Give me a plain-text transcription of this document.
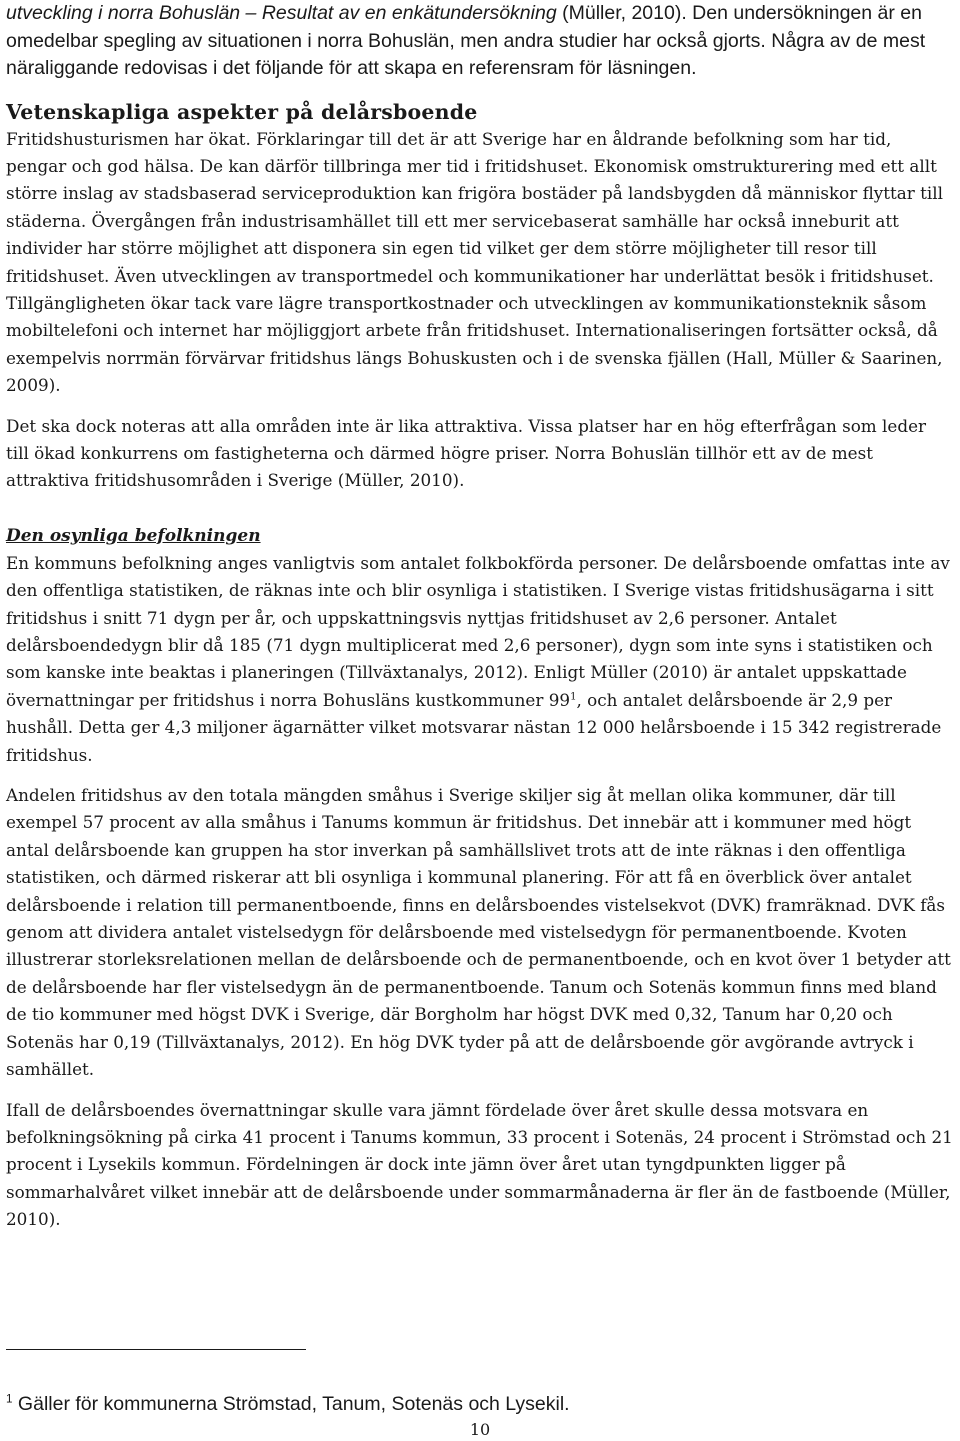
utveckling i norra Bohuslän – Resultat av en enkätundersökning (Müller, 2010). Den undersökningen är en omedelbar spegling av situationen i norra Bohuslän, men andra studier har också gjorts. Några av de mest näraliggande redovisas i det följande för att skapa en referensram för läsningen.

Vetenskapliga aspekter på delårsboende

Fritidshusturismen har ökat. Förklaringar till det är att Sverige har en åldrande befolkning som har tid, pengar och god hälsa. De kan därför tillbringa mer tid i fritidshuset. Ekonomisk omstrukturering med ett allt större inslag av stadsbaserad serviceproduktion kan frigöra bostäder på landsbygden då människor flyttar till städerna. Övergången från industrisamhället till ett mer servicebaserat samhälle har också inneburit att individer har större möjlighet att disponera sin egen tid vilket ger dem större möjligheter till resor till fritidshuset. Även utvecklingen av transportmedel och kommunikationer har underlättat besök i fritidshuset. Tillgängligheten ökar tack vare lägre transportkostnader och utvecklingen av kommunikationsteknik såsom mobiltelefoni och internet har möjliggjort arbete från fritidshuset. Internationaliseringen fortsätter också, då exempelvis norrmän förvärvar fritidshus längs Bohuskusten och i de svenska fjällen (Hall, Müller & Saarinen, 2009).

Det ska dock noteras att alla områden inte är lika attraktiva. Vissa platser har en hög efterfrågan som leder till ökad konkurrens om fastigheterna och därmed högre priser. Norra Bohuslän tillhör ett av de mest attraktiva fritidshusområden i Sverige (Müller, 2010).

Den osynliga befolkningen

En kommuns befolkning anges vanligtvis som antalet folkbokförda personer. De delårsboende omfattas inte av den offentliga statistiken, de räknas inte och blir osynliga i statistiken. I Sverige vistas fritidshusägarna i sitt fritidshus i snitt 71 dygn per år, och uppskattningsvis nyttjas fritidshuset av 2,6 personer. Antalet delårsboendedygn blir då 185 (71 dygn multiplicerat med 2,6 personer), dygn som inte syns i statistiken och som kanske inte beaktas i planeringen (Tillväxtanalys, 2012). Enligt Müller (2010) är antalet uppskattade övernattningar per fritidshus i norra Bohusläns kustkommuner $99^1$, och antalet delårsboende är 2,9 per hushåll. Detta ger 4,3 miljoner ägarnätter vilket motsvarar nästan 12 000 helårsboende i 15 342 registrerade fritidshus.

Andelen fritidshus av den totala mängden småhus i Sverige skiljer sig åt mellan olika kommuner, där till exempel 57 procent av alla småhus i Tanums kommun är fritidshus. Det innebär att i kommuner med högt antal delårsboende kan gruppen ha stor inverkan på samhällslivet trots att de inte räknas i den offentliga statistiken, och därmed riskerar att bli osynliga i kommunal planering. För att få en överblick över antalet delårsboende i relation till permanentboende, finns en delårsboendes vistelsekvot (DVK) framräknad. DVK fås genom att dividera antalet vistelsedygn för delårsboende med vistelsedygn för permanentboende. Kvoten illustrerar storleksrelationen mellan de delårsboende och de permanentboende, och en kvot över 1 betyder att de delårsboende har fler vistelsedygn än de permanentboende. Tanum och Sotenäs kommun finns med bland de tio kommuner med högst DVK i Sverige, där Borgholm har högst DVK med 0,32, Tanum har 0,20 och Sotenäs har 0,19 (Tillväxtanalys, 2012). En hög DVK tyder på att de delårsboende gör avgörande avtryck i samhället.

Ifall de delårsboendes övernattningar skulle vara jämnt fördelade över året skulle dessa motsvara en befolkningsökning på cirka 41 procent i Tanums kommun, 33 procent i Sotenäs, 24 procent i Strömstad och 21 procent i Lysekils kommun. Fördelningen är dock inte jämn över året utan tyngdpunkten ligger på sommarhalvåret vilket innebär att de delårsboende under sommarmånaderna är fler än de fastboende (Müller, 2010).

$^1$ Gäller för kommunerna Strömstad, Tanum, Sotenäs och Lysekil.
10
